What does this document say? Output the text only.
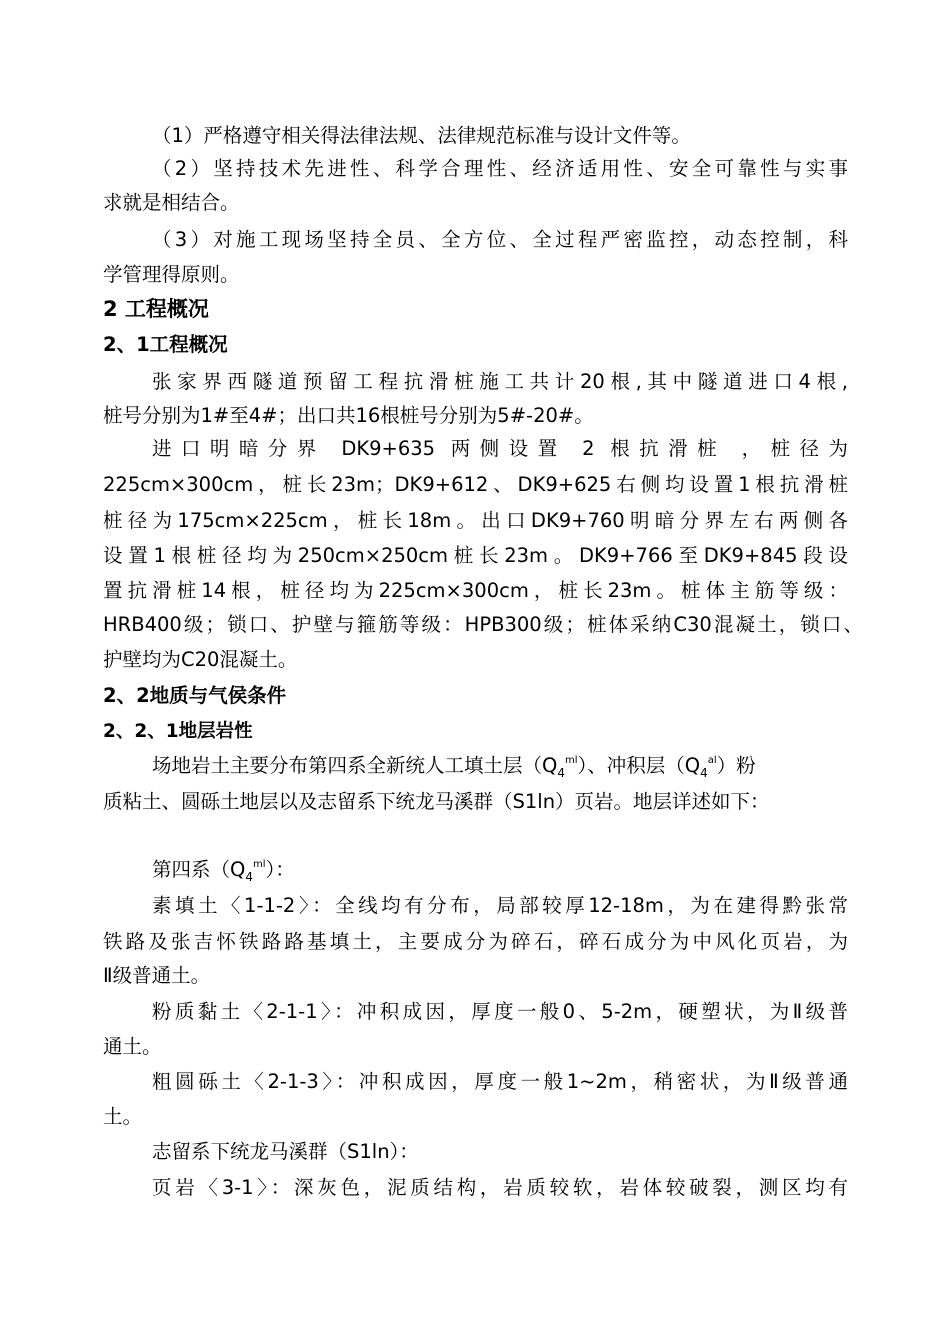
（1）严格遵守相关得法律法规、法律规范标准与设计文件等。
（2）坚持技术先进性、科学合理性、经济适用性、安全可靠性与实事
求就是相结合。
（3）对施工现场坚持全员、全方位、全过程严密监控，动态控制，科
学管理得原则。
2 工程概况
2、1工程概况
张家界西隧道预留工程抗滑桩施工共计20根,其中隧道进口4根,
桩号分别为1#至4#；出口共16根桩号分别为5#-20#。
进口明暗分界 DK9+635 两侧设置 2 根抗滑桩 ，桩径为
225cm×300cm，桩长23m；DK9+612、DK9+625右侧均设置1根抗滑桩
桩径为175cm×225cm，桩长18m。出口DK9+760明暗分界左右两侧各
设置1根桩径均为250cm×250cm桩长23m。DK9+766至DK9+845段设
置抗滑桩14根，桩径均为225cm×300cm，桩长23m。桩体主筋等级：
HRB400级；锁口、护壁与箍筋等级：HPB300级；桩体采纳C30混凝土，锁口、
护壁均为C20混凝土。
2、2地质与气侯条件
2、2、1地层岩性
场地岩土主要分布第四系全新统人工填土层$(Q_4^{ml})$、冲积层$(Q_4^{al})$粉
质粘土、圆砾土地层以及志留系下统龙马溪群（S1ln）页岩。地层详述如下：
第四系$(Q_4^{ml})$：
素填土〈1-1-2〉：全线均有分布，局部较厚12-18m，为在建得黔张常
铁路及张吉怀铁路路基填土，主要成分为碎石，碎石成分为中风化页岩，为
Ⅱ级普通土。
粉质黏土〈2-1-1〉：冲积成因，厚度一般0、5-2m，硬塑状，为Ⅱ级普
通土。
粗圆砾土〈2-1-3〉：冲积成因，厚度一般1~2m，稍密状，为Ⅱ级普通
土。
志留系下统龙马溪群（S1ln）：
页岩〈3-1〉：深灰色，泥质结构，岩质较软，岩体较破裂，测区均有
